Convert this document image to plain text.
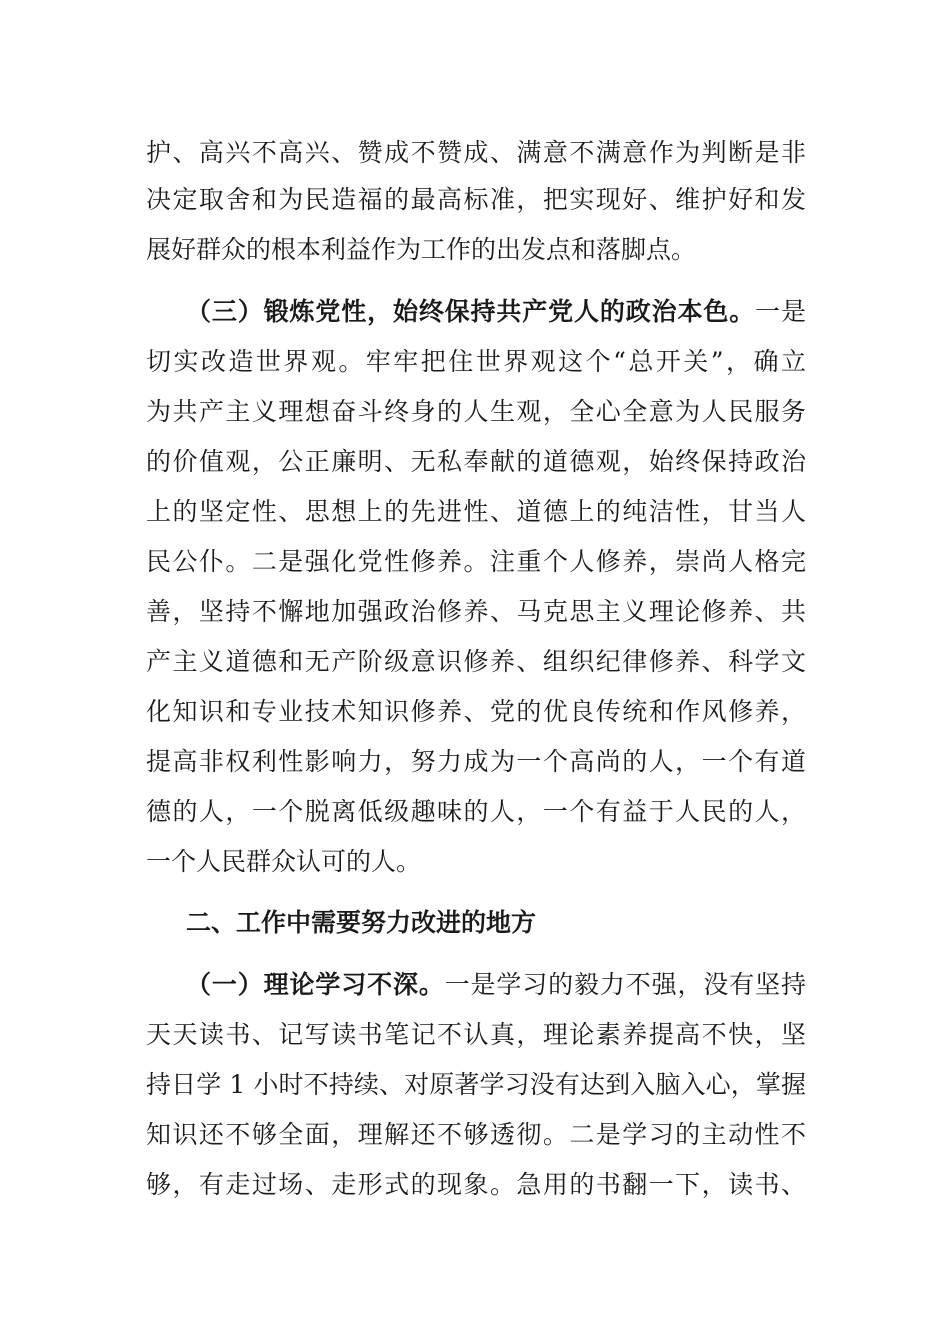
护、高兴不高兴、赞成不赞成、满意不满意作为判断是非
决定取舍和为民造福的最高标准，把实现好、维护好和发
展好群众的根本利益作为工作的出发点和落脚点。
（三）锻炼党性，始终保持共产党人的政治本色。一是
切实改造世界观。牢牢把住世界观这个“总开关”，确立
为共产主义理想奋斗终身的人生观，全心全意为人民服务
的价值观，公正廉明、无私奉献的道德观，始终保持政治
上的坚定性、思想上的先进性、道德上的纯洁性，甘当人
民公仆。二是强化党性修养。注重个人修养，崇尚人格完
善，坚持不懈地加强政治修养、马克思主义理论修养、共
产主义道德和无产阶级意识修养、组织纪律修养、科学文
化知识和专业技术知识修养、党的优良传统和作风修养，
提高非权利性影响力，努力成为一个高尚的人，一个有道
德的人，一个脱离低级趣味的人，一个有益于人民的人，
一个人民群众认可的人。
二、工作中需要努力改进的地方
（一）理论学习不深。一是学习的毅力不强，没有坚持
天天读书、记写读书笔记不认真，理论素养提高不快，坚
持日学 1 小时不持续、对原著学习没有达到入脑入心，掌握
知识还不够全面，理解还不够透彻。二是学习的主动性不
够，有走过场、走形式的现象。急用的书翻一下，读书、
